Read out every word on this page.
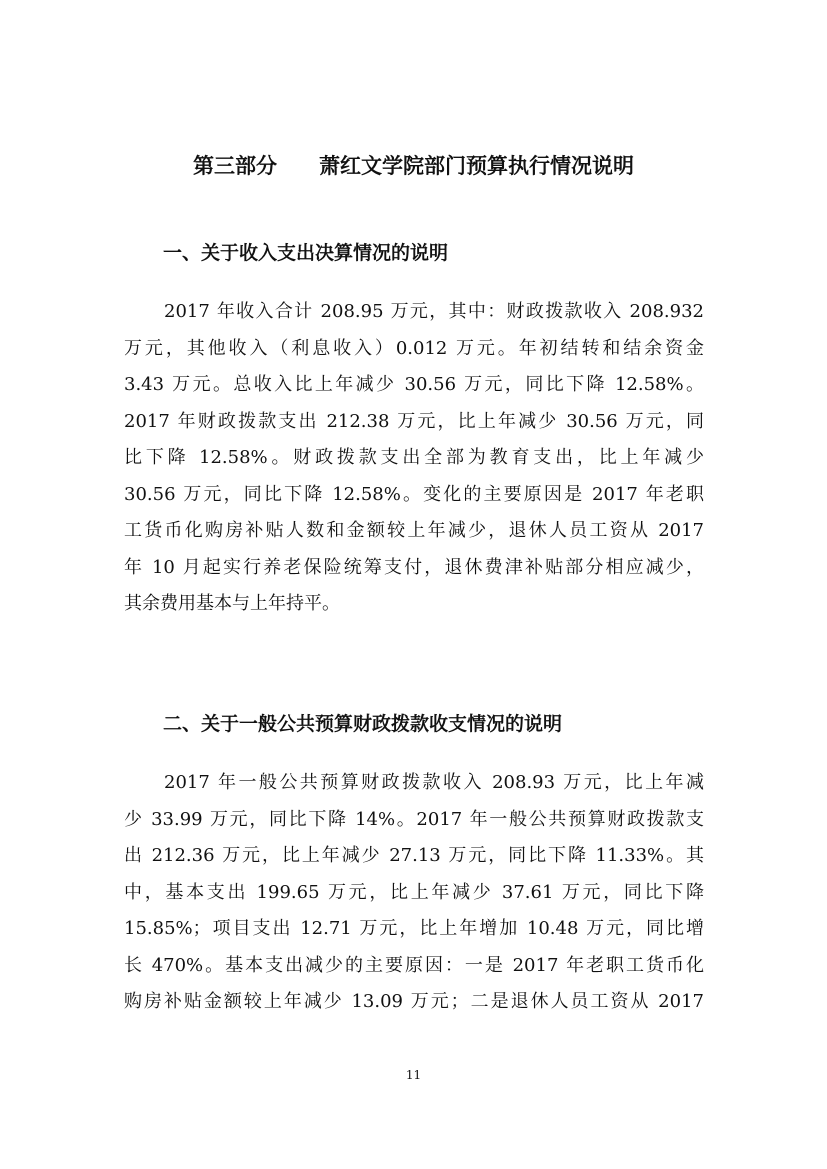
第三部分　　萧红文学院部门预算执行情况说明
一、关于收入支出决算情况的说明

2017 年收入合计 208.95 万元，其中：财政拨款收入 208.932
万元，其他收入（利息收入）0.012 万元。年初结转和结余资金
3.43 万元。总收入比上年减少 30.56 万元，同比下降 12.58%。
2017 年财政拨款支出 212.38 万元，比上年减少 30.56 万元，同
比下降 12.58%。财政拨款支出全部为教育支出，比上年减少
30.56 万元，同比下降 12.58%。变化的主要原因是 2017 年老职
工货币化购房补贴人数和金额较上年减少，退休人员工资从 2017
年 10 月起实行养老保险统筹支付，退休费津补贴部分相应减少，
其余费用基本与上年持平。

二、关于一般公共预算财政拨款收支情况的说明

2017 年一般公共预算财政拨款收入 208.93 万元，比上年减
少 33.99 万元，同比下降 14%。2017 年一般公共预算财政拨款支
出 212.36 万元，比上年减少 27.13 万元，同比下降 11.33%。其
中，基本支出 199.65 万元，比上年减少 37.61 万元，同比下降
15.85%；项目支出 12.71 万元，比上年增加 10.48 万元，同比增
长 470%。基本支出减少的主要原因：一是 2017 年老职工货币化
购房补贴金额较上年减少 13.09 万元；二是退休人员工资从 2017

11
